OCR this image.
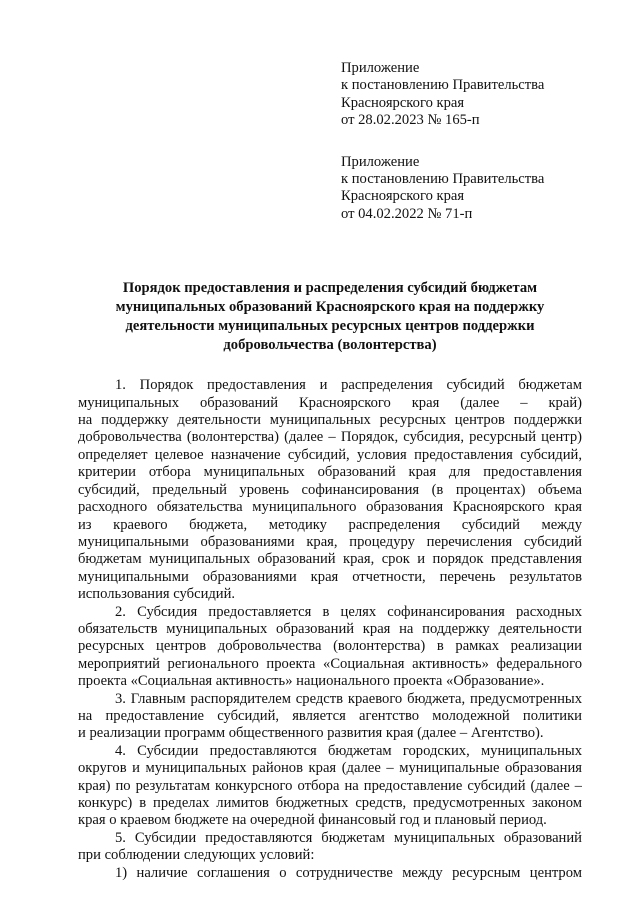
Приложение
к постановлению Правительства
Красноярского края
от 28.02.2023 № 165-п
Приложение
к постановлению Правительства
Красноярского края
от 04.02.2022 № 71-п
Порядок предоставления и распределения субсидий бюджетам
муниципальных образований Красноярского края на поддержку
деятельности муниципальных ресурсных центров поддержки
добровольчества (волонтерства)
1. Порядок предоставления и распределения субсидий бюджетам
муниципальных образований Красноярского края (далее – край)
на поддержку деятельности муниципальных ресурсных центров поддержки
добровольчества (волонтерства) (далее – Порядок, субсидия, ресурсный центр)
определяет целевое назначение субсидий, условия предоставления субсидий,
критерии отбора муниципальных образований края для предоставления
субсидий, предельный уровень софинансирования (в процентах) объема
расходного обязательства муниципального образования Красноярского края
из краевого бюджета, методику распределения субсидий между
муниципальными образованиями края, процедуру перечисления субсидий
бюджетам муниципальных образований края, срок и порядок представления
муниципальными образованиями края отчетности, перечень результатов
использования субсидий.
2. Субсидия предоставляется в целях софинансирования расходных
обязательств муниципальных образований края на поддержку деятельности
ресурсных центров добровольчества (волонтерства) в рамках реализации
мероприятий регионального проекта «Социальная активность» федерального
проекта «Социальная активность» национального проекта «Образование».
3. Главным распорядителем средств краевого бюджета, предусмотренных
на предоставление субсидий, является агентство молодежной политики
и реализации программ общественного развития края (далее – Агентство).
4. Субсидии предоставляются бюджетам городских, муниципальных
округов и муниципальных районов края (далее – муниципальные образования
края) по результатам конкурсного отбора на предоставление субсидий (далее –
конкурс) в пределах лимитов бюджетных средств, предусмотренных законом
края о краевом бюджете на очередной финансовый год и плановый период.
5. Субсидии предоставляются бюджетам муниципальных образований
при соблюдении следующих условий:
1) наличие соглашения о сотрудничестве между ресурсным центром
